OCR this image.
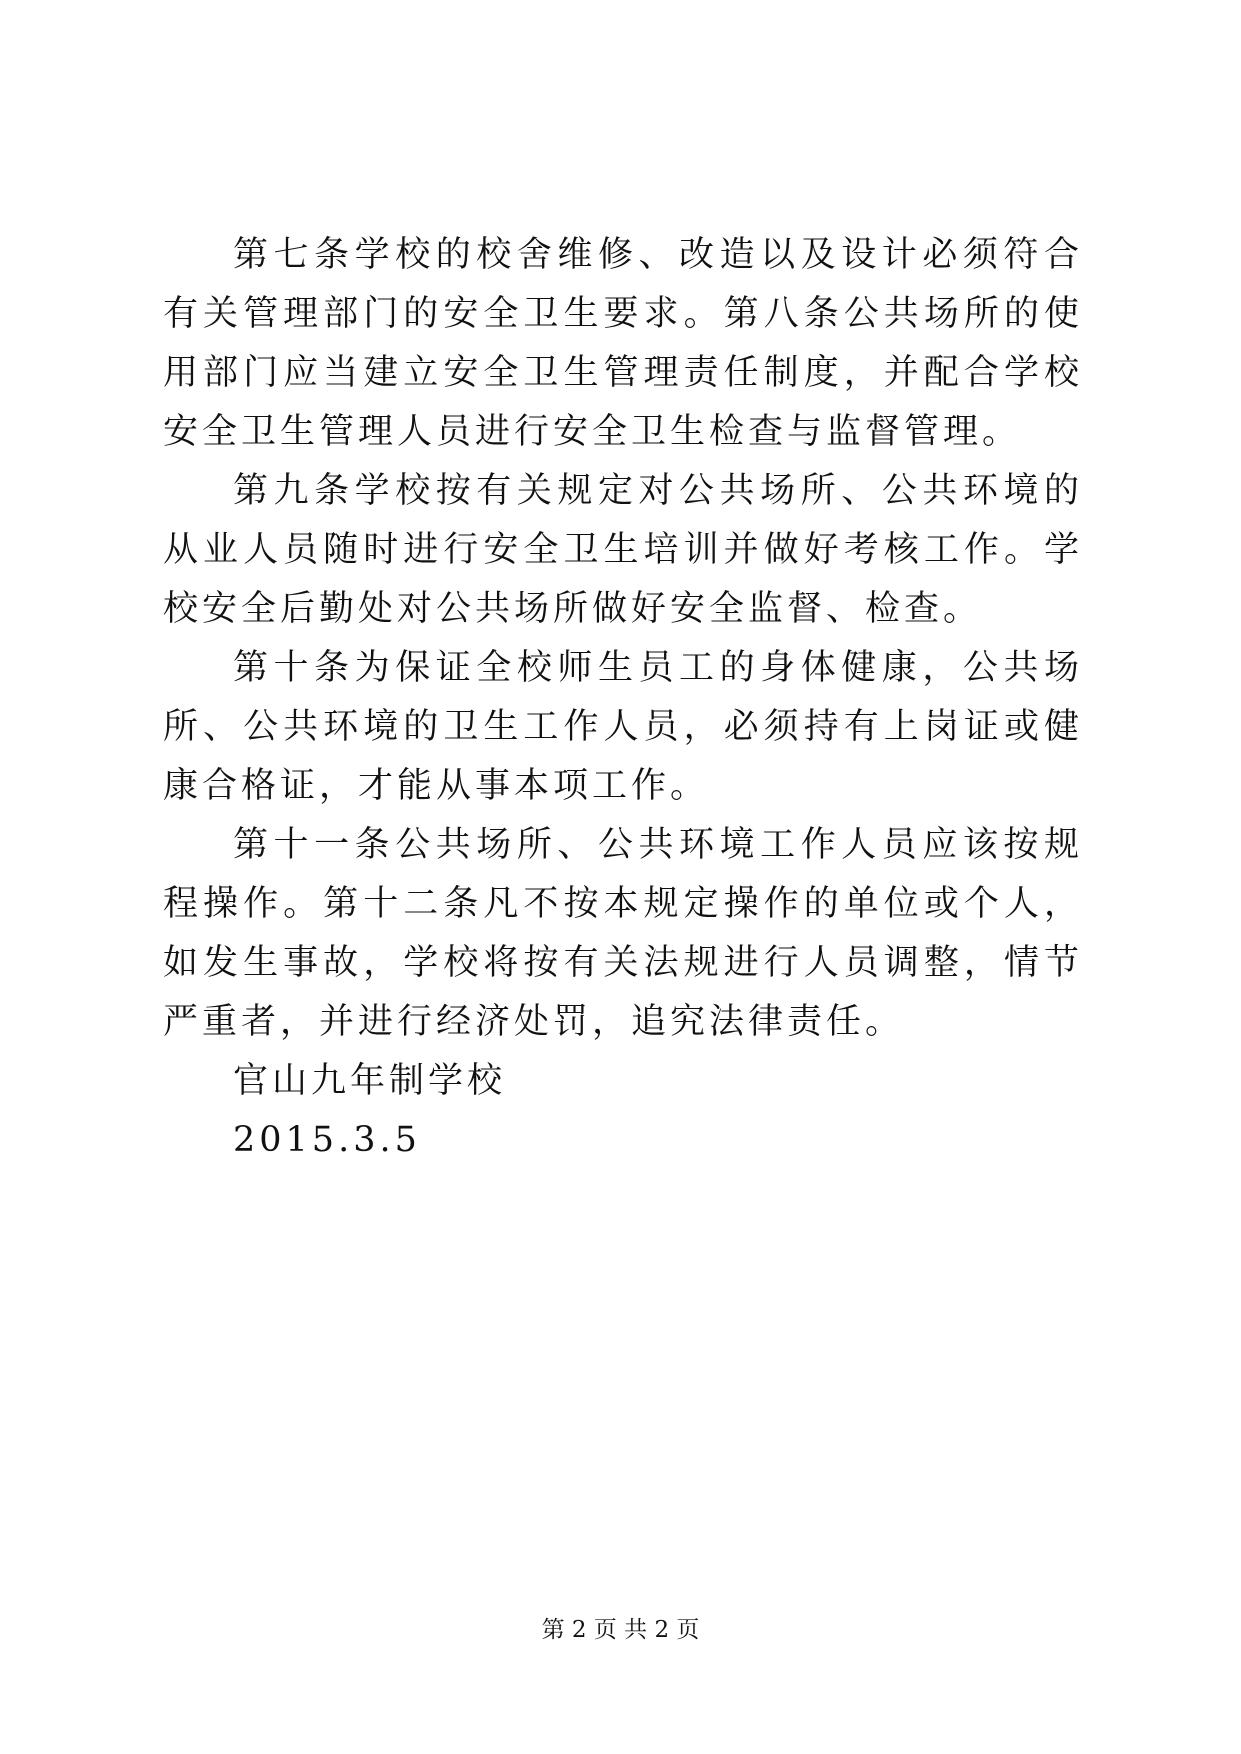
第七条学校的校舍维修、改造以及设计必须符合有关管理部门的安全卫生要求。第八条公共场所的使用部门应当建立安全卫生管理责任制度，并配合学校安全卫生管理人员进行安全卫生检查与监督管理。

第九条学校按有关规定对公共场所、公共环境的从业人员随时进行安全卫生培训并做好考核工作。学校安全后勤处对公共场所做好安全监督、检查。

第十条为保证全校师生员工的身体健康，公共场所、公共环境的卫生工作人员，必须持有上岗证或健康合格证，才能从事本项工作。

第十一条公共场所、公共环境工作人员应该按规程操作。第十二条凡不按本规定操作的单位或个人，如发生事故，学校将按有关法规进行人员调整，情节严重者，并进行经济处罚，追究法律责任。

官山九年制学校

2015.3.5

第 2 页 共 2 页
